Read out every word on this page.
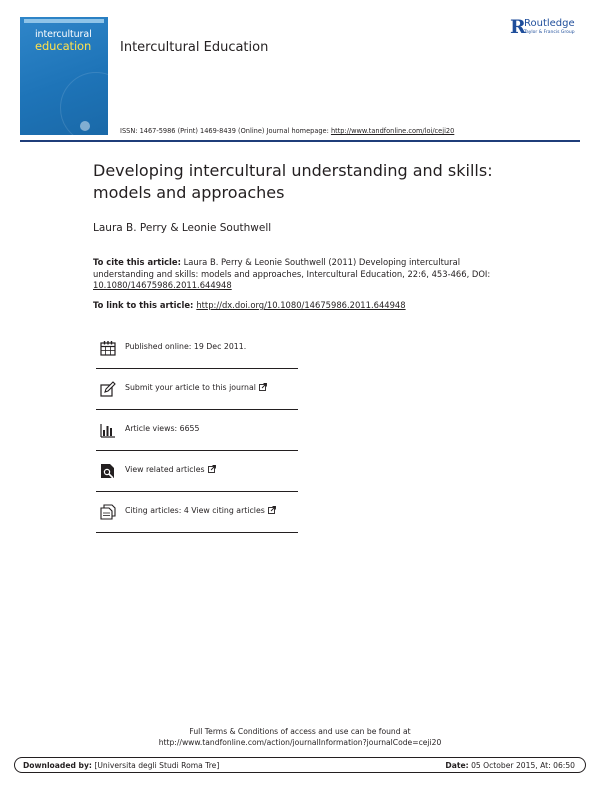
intercultural
education Intercultural Education
R
Routledge
Taylor & Francis Group
ISSN: 1467-5986 (Print) 1469-8439 (Online) Journal homepage: http://www.tandfonline.com/loi/ceji20
Developing intercultural understanding and skills:
models and approaches
Laura B. Perry & Leonie Southwell
To cite this article: Laura B. Perry & Leonie Southwell (2011) Developing intercultural understanding and skills: models and approaches, Intercultural Education, 22:6, 453-466, DOI: 10.1080/14675986.2011.644948
To link to this article: http://dx.doi.org/10.1080/14675986.2011.644948
Published online: 19 Dec 2011.
Submit your article to this journal
Article views: 6655
View related articles
Citing articles: 4 View citing articles
Full Terms & Conditions of access and use can be found at
http://www.tandfonline.com/action/journalInformation?journalCode=ceji20
Downloaded by: [Universita degli Studi Roma Tre]	Date: 05 October 2015, At: 06:50
